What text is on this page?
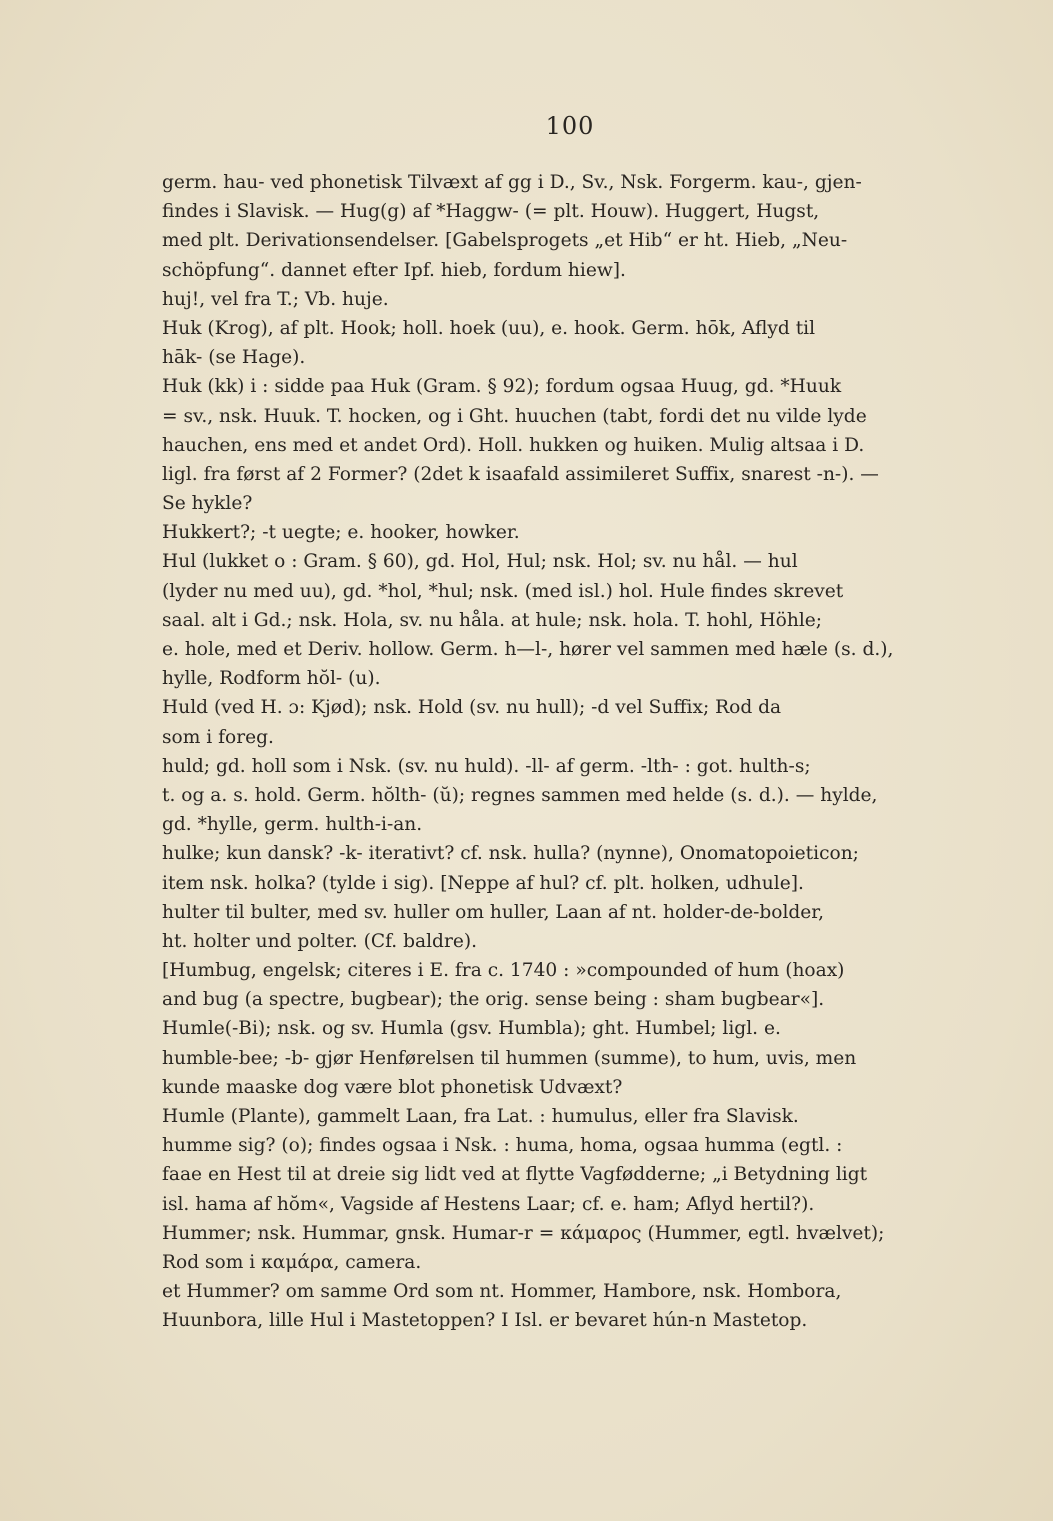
100
germ. hau- ved phonetisk Tilvæxt af gg i D., Sv., Nsk. Forgerm. kau-, gjen-
findes i Slavisk. — Hug(g) af *Haggw- (= plt. Houw). Huggert, Hugst,
med plt. Derivationsendelser. [Gabelsprogets „et Hib“ er ht. Hieb, „Neu-
schöpfung“. dannet efter Ipf. hieb, fordum hiew].
huj!, vel fra T.; Vb. huje.
Huk (Krog), af plt. Hook; holl. hoek (uu), e. hook. Germ. hōk, Aflyd til
hāk- (se Hage).
Huk (kk) i : sidde paa Huk (Gram. § 92); fordum ogsaa Huug, gd. *Huuk
= sv., nsk. Huuk. T. hocken, og i Ght. huuchen (tabt, fordi det nu vilde lyde
hauchen, ens med et andet Ord). Holl. hukken og huiken. Mulig altsaa i D.
ligl. fra først af 2 Former? (2det k isaafald assimileret Suffix, snarest -n-). —
Se hykle?
Hukkert?; -t uegte; e. hooker, howker.
Hul (lukket o : Gram. § 60), gd. Hol, Hul; nsk. Hol; sv. nu hål. — hul
(lyder nu med uu), gd. *hol, *hul; nsk. (med isl.) hol. Hule findes skrevet
saal. alt i Gd.; nsk. Hola, sv. nu håla. at hule; nsk. hola. T. hohl, Höhle;
e. hole, med et Deriv. hollow. Germ. h—l-, hører vel sammen med hæle (s. d.),
hylle, Rodform hŏl- (u).
Huld (ved H. ɔ: Kjød); nsk. Hold (sv. nu hull); -d vel Suffix; Rod da
som i foreg.
huld; gd. holl som i Nsk. (sv. nu huld). -ll- af germ. -lth- : got. hulth-s;
t. og a. s. hold. Germ. hŏlth- (ŭ); regnes sammen med helde (s. d.). — hylde,
gd. *hylle, germ. hulth-i-an.
hulke; kun dansk? -k- iterativt? cf. nsk. hulla? (nynne), Onomatopoieticon;
item nsk. holka? (tylde i sig). [Neppe af hul? cf. plt. holken, udhule].
hulter til bulter, med sv. huller om huller, Laan af nt. holder-de-bolder,
ht. holter und polter. (Cf. baldre).
[Humbug, engelsk; citeres i E. fra c. 1740 : »compounded of hum (hoax)
and bug (a spectre, bugbear); the orig. sense being : sham bugbear«].
Humle(-Bi); nsk. og sv. Humla (gsv. Humbla); ght. Humbel; ligl. e.
humble-bee; -b- gjør Henførelsen til hummen (summe), to hum, uvis, men
kunde maaske dog være blot phonetisk Udvæxt?
Humle (Plante), gammelt Laan, fra Lat. : humulus, eller fra Slavisk.
humme sig? (o); findes ogsaa i Nsk. : huma, homa, ogsaa humma (egtl. :
faae en Hest til at dreie sig lidt ved at flytte Vagfødderne; „i Betydning ligt
isl. hama af hŏm«, Vagside af Hestens Laar; cf. e. ham; Aflyd hertil?).
Hummer; nsk. Hummar, gnsk. Humar-r = κάμαρος (Hummer, egtl. hvælvet);
Rod som i καμάρα, camera.
et Hummer? om samme Ord som nt. Hommer, Hambore, nsk. Hombora,
Huunbora, lille Hul i Mastetoppen? I Isl. er bevaret hún-n Mastetop.
